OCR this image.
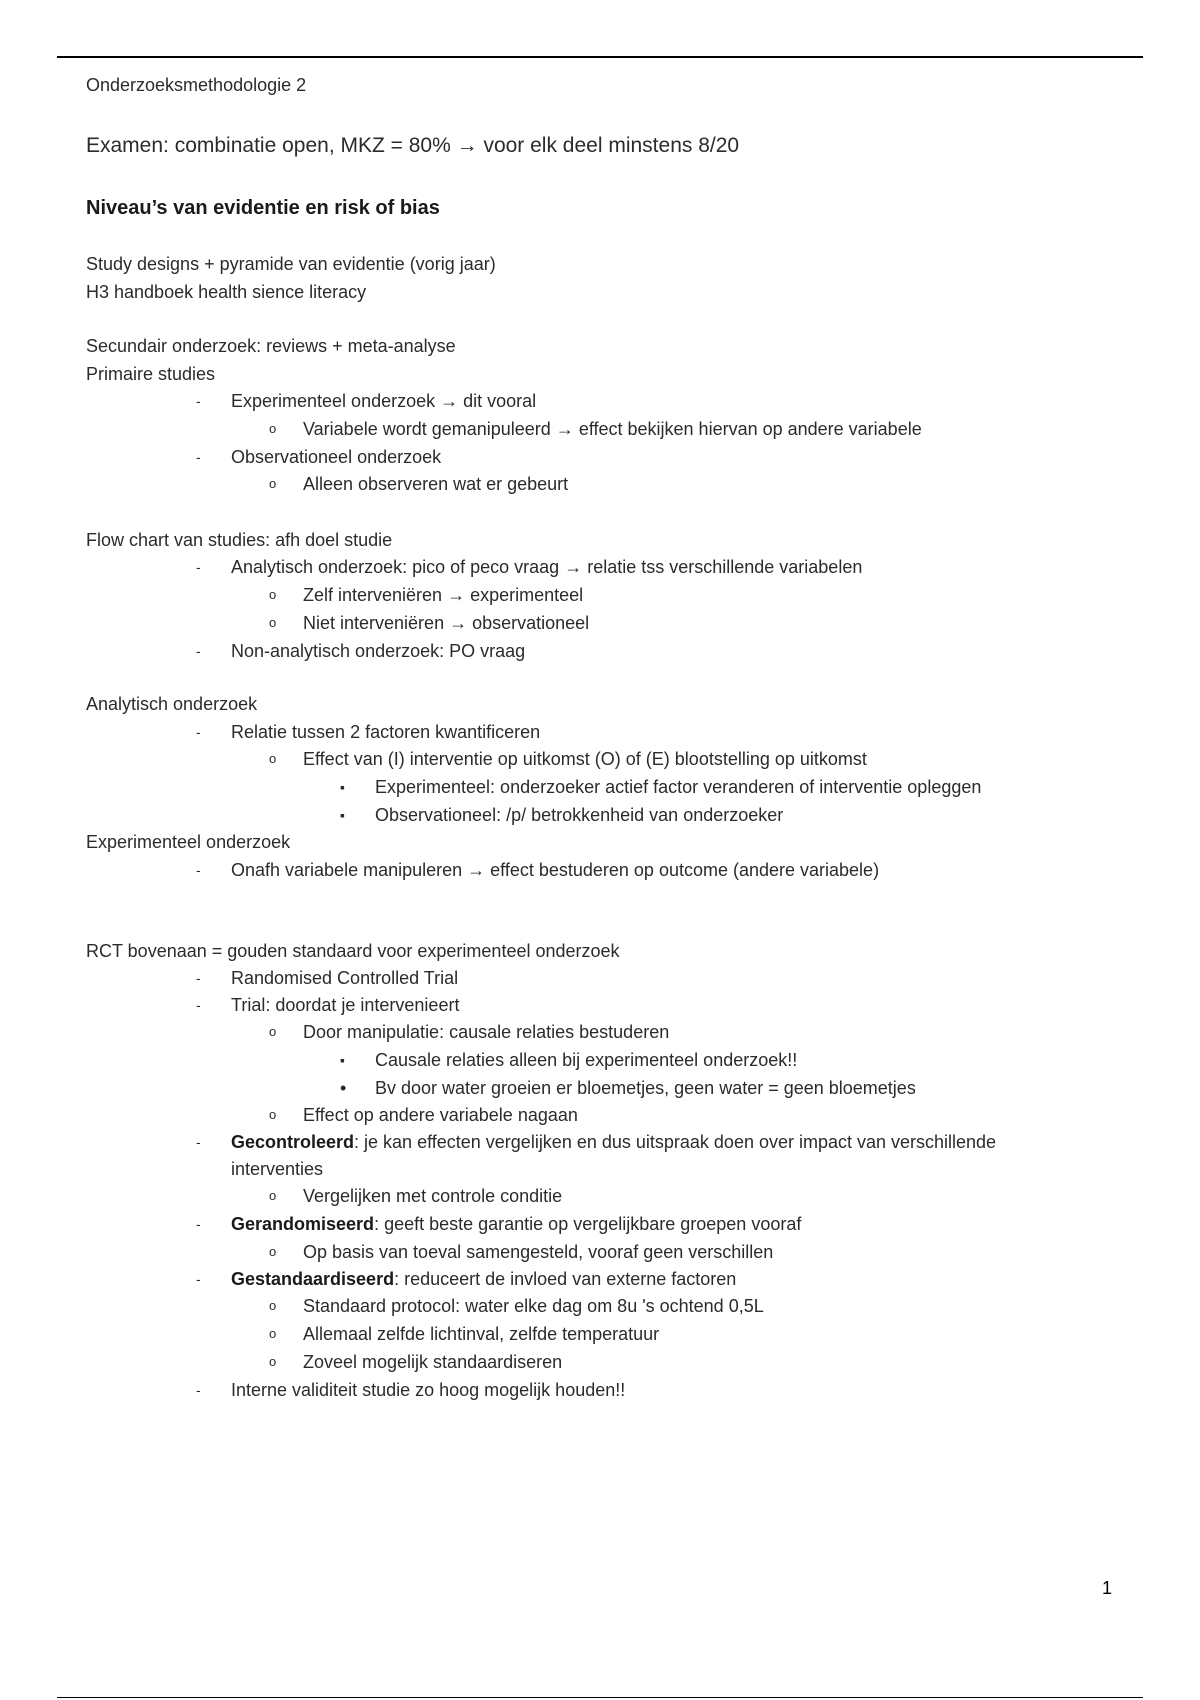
Onderzoeksmethodologie 2
Examen: combinatie open, MKZ = 80% → voor elk deel minstens 8/20
Niveau’s van evidentie en risk of bias
Study designs + pyramide van evidentie (vorig jaar)
H3 handboek health sience literacy
Secundair onderzoek: reviews + meta-analyse
Primaire studies
- Experimenteel onderzoek → dit vooral
o Variabele wordt gemanipuleerd → effect bekijken hiervan op andere variabele
- Observationeel onderzoek
o Alleen observeren wat er gebeurt
Flow chart van studies: afh doel studie
- Analytisch onderzoek: pico of peco vraag → relatie tss verschillende variabelen
o Zelf interveniëren → experimenteel
o Niet interveniëren → observationeel
- Non-analytisch onderzoek: PO vraag
Analytisch onderzoek
- Relatie tussen 2 factoren kwantificeren
o Effect van (I) interventie op uitkomst (O) of (E) blootstelling op uitkomst
▪ Experimenteel: onderzoeker actief factor veranderen of interventie opleggen
▪ Observationeel: /p/ betrokkenheid van onderzoeker
Experimenteel onderzoek
- Onafh variabele manipuleren → effect bestuderen op outcome (andere variabele)
RCT bovenaan = gouden standaard voor experimenteel onderzoek
- Randomised Controlled Trial
- Trial: doordat je intervenieert
o Door manipulatie: causale relaties bestuderen
▪ Causale relaties alleen bij experimenteel onderzoek!!
• Bv door water groeien er bloemetjes, geen water = geen bloemetjes
o Effect op andere variabele nagaan
- Gecontroleerd: je kan effecten vergelijken en dus uitspraak doen over impact van verschillende
interventies
o Vergelijken met controle conditie
- Gerandomiseerd: geeft beste garantie op vergelijkbare groepen vooraf
o Op basis van toeval samengesteld, vooraf geen verschillen
- Gestandaardiseerd: reduceert de invloed van externe factoren
o Standaard protocol: water elke dag om 8u 's ochtend 0,5L
o Allemaal zelfde lichtinval, zelfde temperatuur
o Zoveel mogelijk standaardiseren
- Interne validiteit studie zo hoog mogelijk houden!!
1
